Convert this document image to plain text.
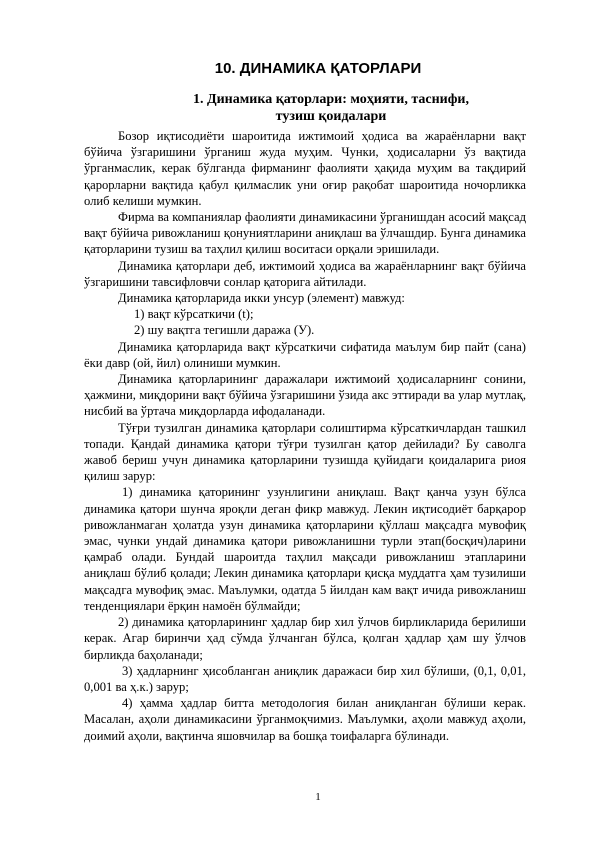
10. ДИНАМИКА ҚАТОРЛАРИ
1. Динамика қаторлари: моҳияти, таснифи,
тузиш қоидалари

Бозор иқтисодиёти шароитида ижтимоий ҳодиса ва жараёнларни вақт бўйича ўзгаришини ўрганиш жуда муҳим. Чунки, ҳодисаларни ўз вақтида ўрганмаслик, керак бўлганда фирманинг фаолияти ҳақида муҳим ва тақдирий қарорларни вақтида қабул қилмаслик уни оғир рақобат шароитида ночорликка олиб келиши мумкин.

Фирма ва компаниялар фаолияти динамикасини ўрганишдан асосий мақсад вақт бўйича ривожланиш қонуниятларини аниқлаш ва ўлчашдир. Бунга динамика қаторларини тузиш ва таҳлил қилиш воситаси орқали эришилади.

Динамика қаторлари деб, ижтимоий ҳодиса ва жараёнларнинг вақт бўйича ўзгаришини тавсифловчи сонлар қаторига айтилади.

Динамика қаторларида икки унсур (элемент) мавжуд:

1) вақт кўрсаткичи (t);

2) шу вақтга тегишли даража (У).

Динамика қаторларида вақт кўрсаткичи сифатида маълум бир пайт (сана) ёки давр (ой, йил) олиниши мумкин.

Динамика қаторларининг даражалари ижтимоий ҳодисаларнинг сонини, ҳажмини, миқдорини вақт бўйича ўзгаришини ўзида акс эттиради ва улар мутлақ, нисбий ва ўртача миқдорларда ифодаланади.

Тўғри тузилган динамика қаторлари солиштирма кўрсаткичлардан ташкил топади. Қандай динамика қатори тўғри тузилган қатор дейилади? Бу саволга жавоб бериш учун динамика қаторларини тузишда қуйидаги қоидаларига риоя қилиш зарур:

1) динамика қаторининг узунлигини аниқлаш. Вақт қанча узун бўлса динамика қатори шунча яроқли деган фикр мавжуд. Лекин иқтисодиёт барқарор ривожланмаган ҳолатда узун динамика қаторларини қўллаш мақсадга мувофиқ эмас, чунки ундай динамика қатори ривожланишни турли этап(босқич)ларини қамраб олади. Бундай шароитда таҳлил мақсади ривожланиш этапларини аниқлаш бўлиб қолади; Лекин динамика қаторлари қисқа муддатга ҳам тузилиши мақсадга мувофиқ эмас. Маълумки, одатда 5 йилдан кам вақт ичида ривожланиш тенденциялари ёрқин намоён бўлмайди;

2) динамика қаторларининг ҳадлар бир хил ўлчов бирликларида берилиши керак. Агар биринчи ҳад сўмда ўлчанган бўлса, қолган ҳадлар ҳам шу ўлчов бирликда баҳоланади;

3) ҳадларнинг ҳисобланган аниқлик даражаси бир хил бўлиши, (0,1, 0,01, 0,001 ва ҳ.к.) зарур;

4) ҳамма ҳадлар битта методология билан аниқланган бўлиши керак. Масалан, аҳоли динамикасини ўрганмоқчимиз. Маълумки, аҳоли мавжуд аҳоли, доимий аҳоли, вақтинча яшовчилар ва бошқа тоифаларга бўлинади.

1
